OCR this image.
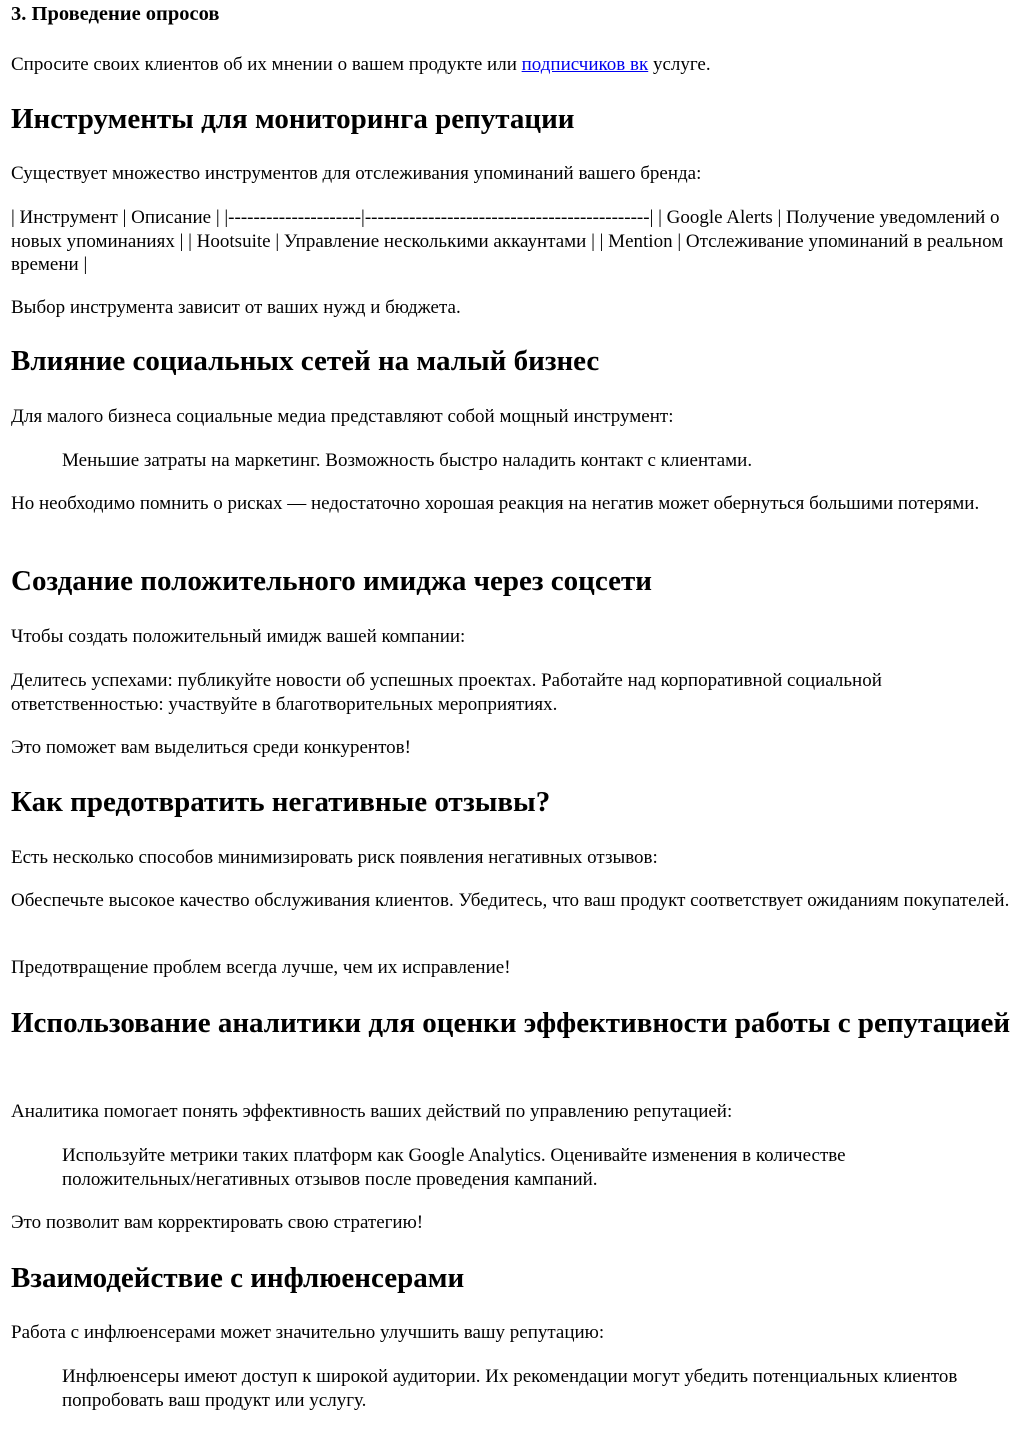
3. Проведение опросов

Спросите своих клиентов об их мнении о вашем продукте или подписчиков вк услуге.

Инструменты для мониторинга репутации

Существует множество инструментов для отслеживания упоминаний вашего бренда:

| Инструмент | Описание | |---------------------|---------------------------------------------| | Google Alerts | Получение уведомлений о новых упоминаниях | | Hootsuite | Управление несколькими аккаунтами | | Mention | Отслеживание упоминаний в реальном времени |

Выбор инструмента зависит от ваших нужд и бюджета.

Влияние социальных сетей на малый бизнес

Для малого бизнеса социальные медиа представляют собой мощный инструмент:

Меньшие затраты на маркетинг. Возможность быстро наладить контакт с клиентами.

Но необходимо помнить о рисках — недостаточно хорошая реакция на негатив может обернуться большими потерями.

Создание положительного имиджа через соцсети

Чтобы создать положительный имидж вашей компании:

Делитесь успехами: публикуйте новости об успешных проектах. Работайте над корпоративной социальной ответственностью: участвуйте в благотворительных мероприятиях.

Это поможет вам выделиться среди конкурентов!

Как предотвратить негативные отзывы?

Есть несколько способов минимизировать риск появления негативных отзывов:

Обеспечьте высокое качество обслуживания клиентов. Убедитесь, что ваш продукт соответствует ожиданиям покупателей.

Предотвращение проблем всегда лучше, чем их исправление!

Использование аналитики для оценки эффективности работы с репутацией

Аналитика помогает понять эффективность ваших действий по управлению репутацией:

Используйте метрики таких платформ как Google Analytics. Оценивайте изменения в количестве положительных/негативных отзывов после проведения кампаний.

Это позволит вам корректировать свою стратегию!

Взаимодействие с инфлюенсерами

Работа с инфлюенсерами может значительно улучшить вашу репутацию:

Инфлюенсеры имеют доступ к широкой аудитории. Их рекомендации могут убедить потенциальных клиентов попробовать ваш продукт или услугу.
